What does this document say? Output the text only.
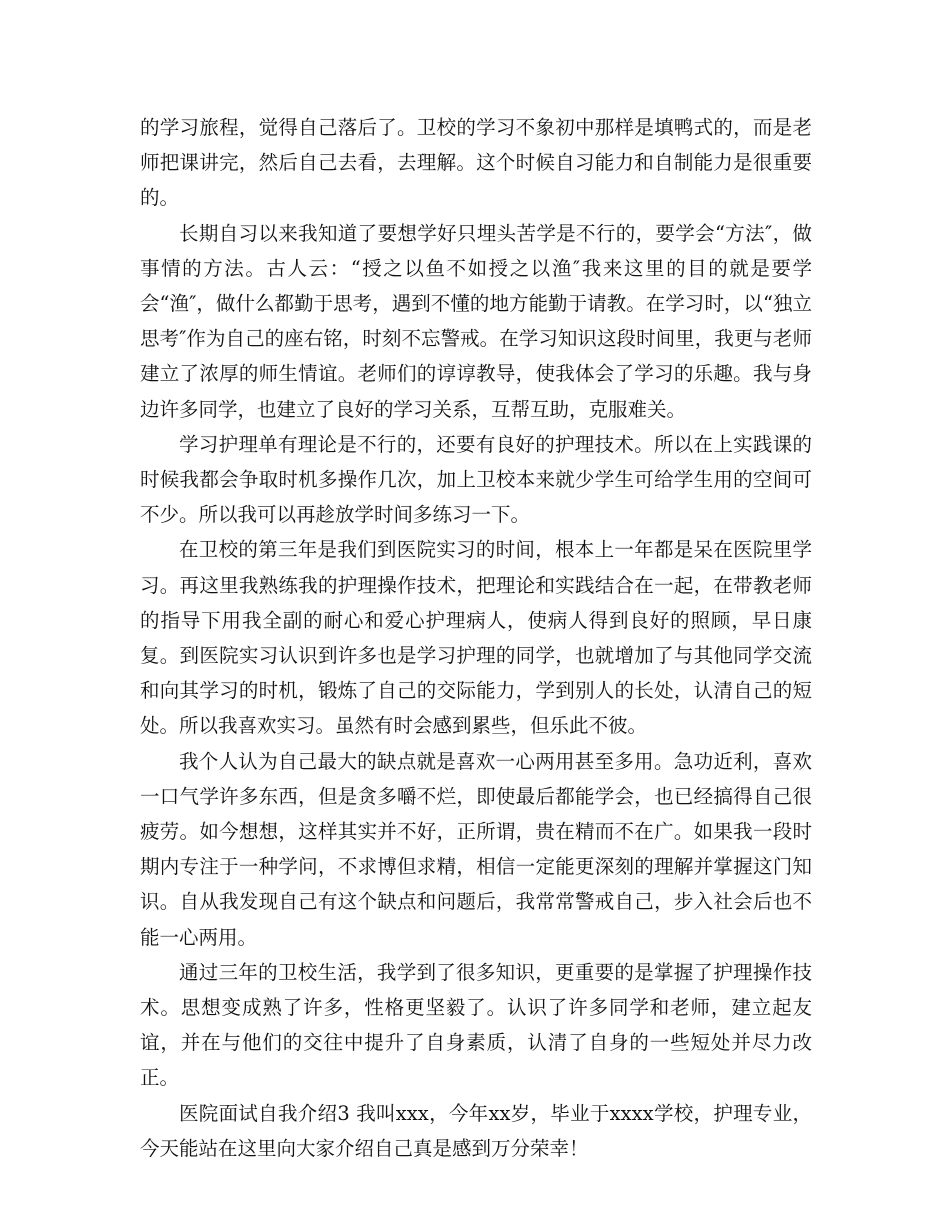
的学习旅程，觉得自己落后了。卫校的学习不象初中那样是填鸭式的，而是老师把课讲完，然后自己去看，去理解。这个时候自习能力和自制能力是很重要的。

长期自习以来我知道了要想学好只埋头苦学是不行的，要学会“方法″，做事情的方法。古人云：“授之以鱼不如授之以渔″我来这里的目的就是要学会“渔″，做什么都勤于思考，遇到不懂的地方能勤于请教。在学习时，以“独立思考″作为自己的座右铭，时刻不忘警戒。在学习知识这段时间里，我更与老师建立了浓厚的师生情谊。老师们的谆谆教导，使我体会了学习的乐趣。我与身边许多同学，也建立了良好的学习关系，互帮互助，克服难关。

学习护理单有理论是不行的，还要有良好的护理技术。所以在上实践课的时候我都会争取时机多操作几次，加上卫校本来就少学生可给学生用的空间可不少。所以我可以再趁放学时间多练习一下。

在卫校的第三年是我们到医院实习的时间，根本上一年都是呆在医院里学习。再这里我熟练我的护理操作技术，把理论和实践结合在一起，在带教老师的指导下用我全副的耐心和爱心护理病人，使病人得到良好的照顾，早日康复。到医院实习认识到许多也是学习护理的同学，也就增加了与其他同学交流和向其学习的时机，锻炼了自己的交际能力，学到别人的长处，认清自己的短处。所以我喜欢实习。虽然有时会感到累些，但乐此不彼。

我个人认为自己最大的缺点就是喜欢一心两用甚至多用。急功近利，喜欢一口气学许多东西，但是贪多嚼不烂，即使最后都能学会，也已经搞得自己很疲劳。如今想想，这样其实并不好，正所谓，贵在精而不在广。如果我一段时期内专注于一种学问，不求博但求精，相信一定能更深刻的理解并掌握这门知识。自从我发现自己有这个缺点和问题后，我常常警戒自己，步入社会后也不能一心两用。

通过三年的卫校生活，我学到了很多知识，更重要的是掌握了护理操作技术。思想变成熟了许多，性格更坚毅了。认识了许多同学和老师，建立起友谊，并在与他们的交往中提升了自身素质，认清了自身的一些短处并尽力改正。

医院面试自我介绍3 我叫xxx，今年xx岁，毕业于xxxx学校，护理专业，今天能站在这里向大家介绍自己真是感到万分荣幸！
